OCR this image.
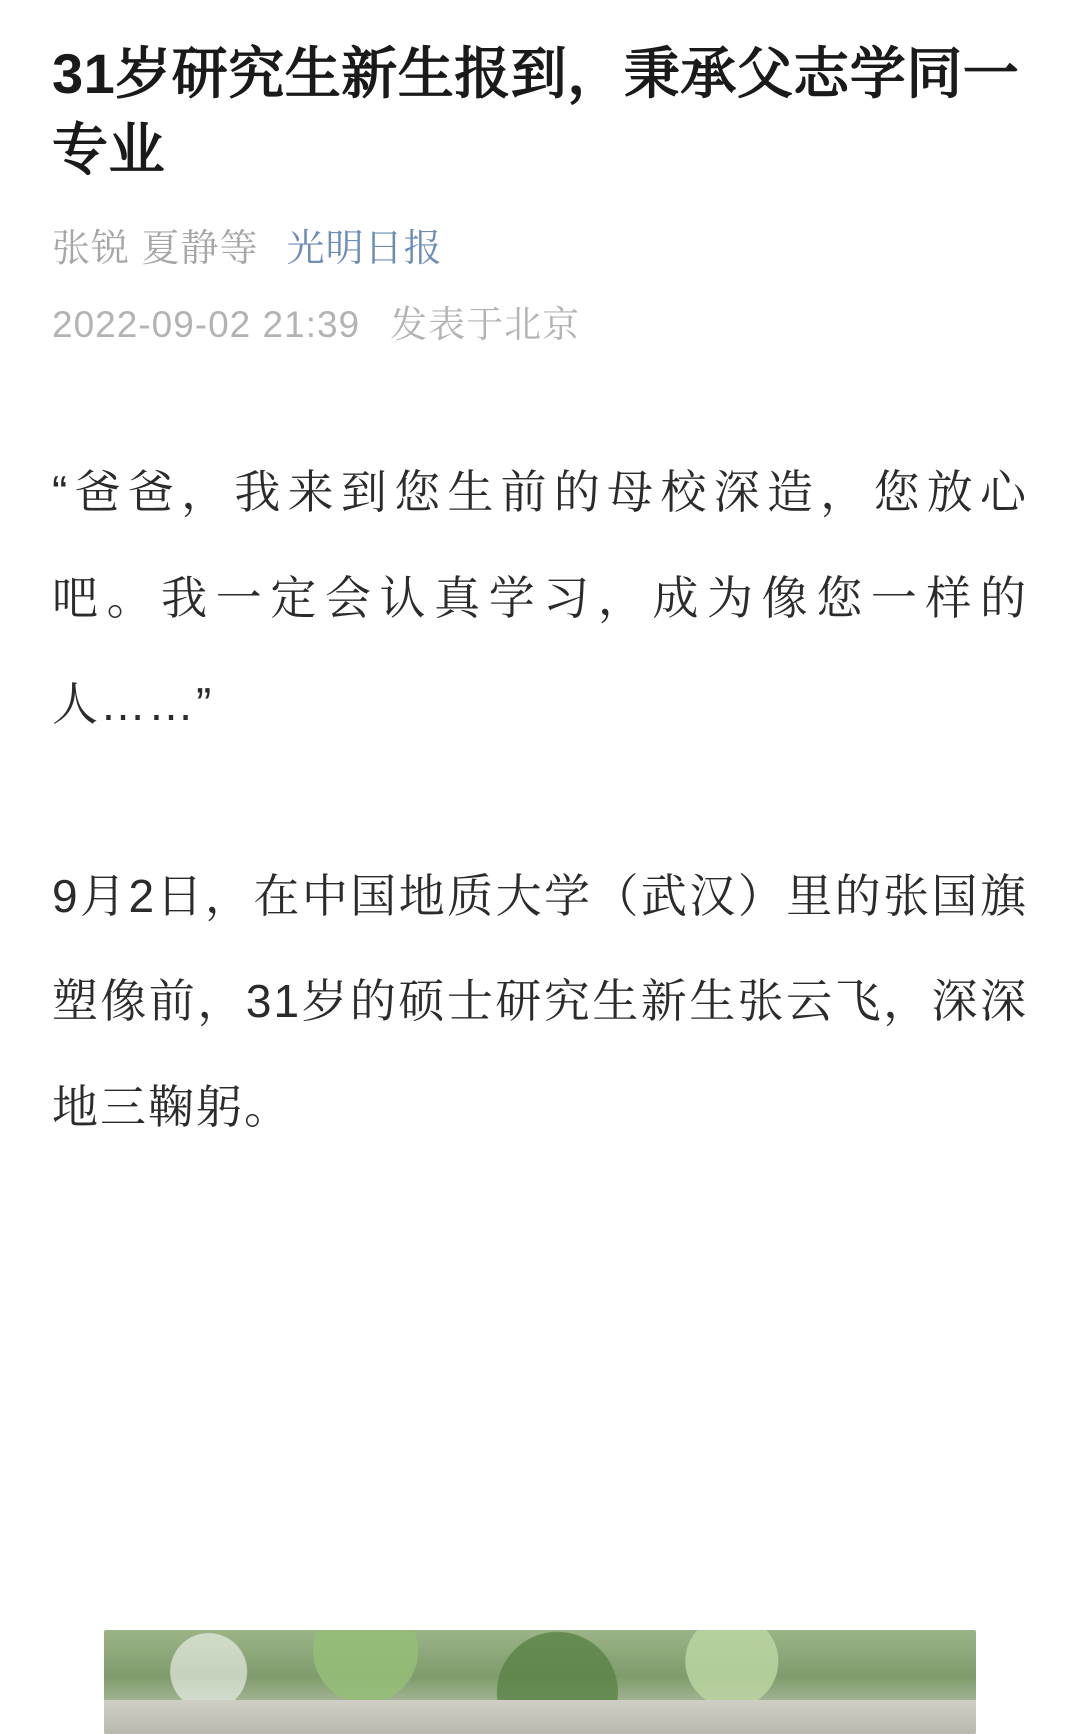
31岁研究生新生报到，秉承父志学同一专业
张锐 夏静等 光明日报
2022-09-02 21:39 发表于北京

“爸爸，我来到您生前的母校深造，您放心吧。我一定会认真学习，成为像您一样的人……”

9月2日，在中国地质大学（武汉）里的张国旗塑像前，31岁的硕士研究生新生张云飞，深深地三鞠躬。
